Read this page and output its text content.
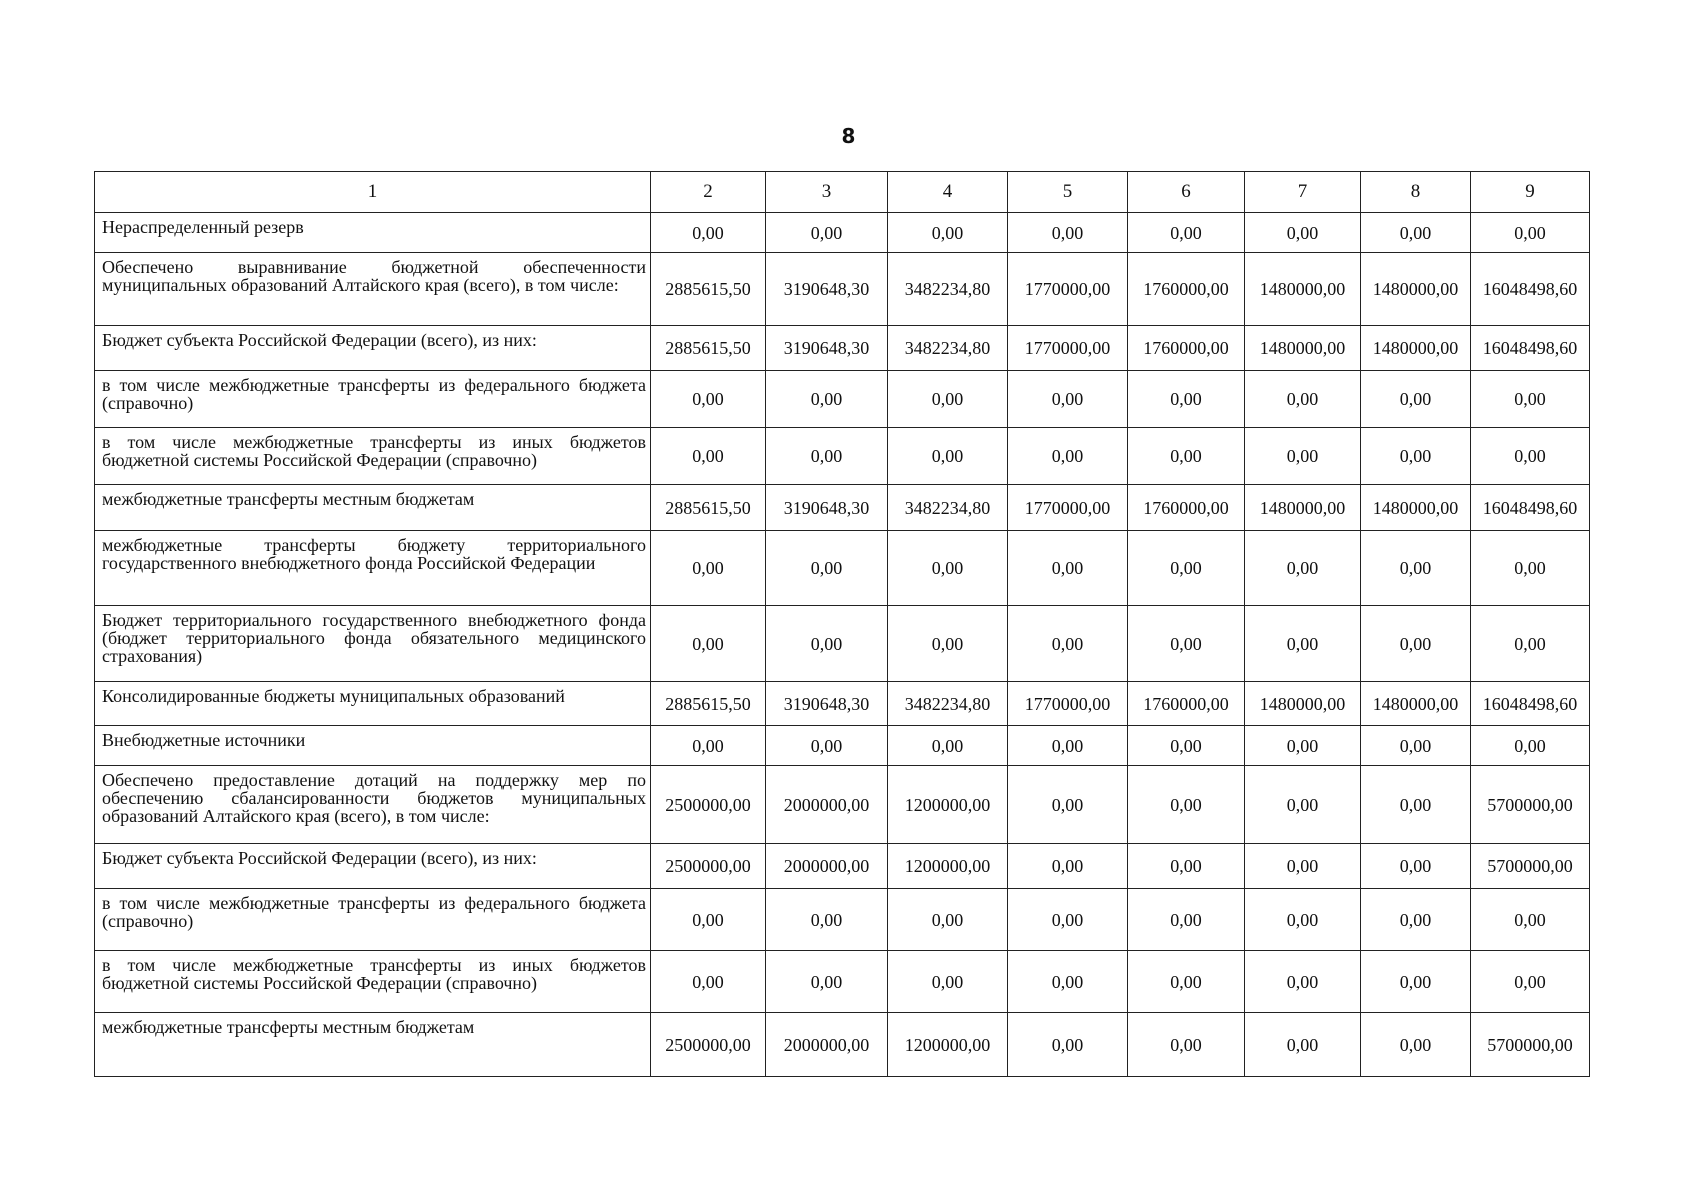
8
1	2	3	4	5	6	7	8	9
Нераспределенный резерв	0,00	0,00	0,00	0,00	0,00	0,00	0,00	0,00
Обеспечено выравнивание бюджетной обеспеченности муниципальных образований Алтайского края (всего), в том числе:	2885615,50	3190648,30	3482234,80	1770000,00	1760000,00	1480000,00	1480000,00	16048498,60
Бюджет субъекта Российской Федерации (всего), из них:	2885615,50	3190648,30	3482234,80	1770000,00	1760000,00	1480000,00	1480000,00	16048498,60
в том числе межбюджетные трансферты из федерального бюджета (справочно)	0,00	0,00	0,00	0,00	0,00	0,00	0,00	0,00
в том числе межбюджетные трансферты из иных бюджетов бюджетной системы Российской Федерации (справочно)	0,00	0,00	0,00	0,00	0,00	0,00	0,00	0,00
межбюджетные трансферты местным бюджетам	2885615,50	3190648,30	3482234,80	1770000,00	1760000,00	1480000,00	1480000,00	16048498,60
межбюджетные трансферты бюджету территориального государственного внебюджетного фонда Российской Федерации	0,00	0,00	0,00	0,00	0,00	0,00	0,00	0,00
Бюджет территориального государственного внебюджетного фонда (бюджет территориального фонда обязательного медицинского страхования)	0,00	0,00	0,00	0,00	0,00	0,00	0,00	0,00
Консолидированные бюджеты муниципальных образований	2885615,50	3190648,30	3482234,80	1770000,00	1760000,00	1480000,00	1480000,00	16048498,60
Внебюджетные источники	0,00	0,00	0,00	0,00	0,00	0,00	0,00	0,00
Обеспечено предоставление дотаций на поддержку мер по обеспечению сбалансированности бюджетов муниципальных образований Алтайского края (всего), в том числе:	2500000,00	2000000,00	1200000,00	0,00	0,00	0,00	0,00	5700000,00
Бюджет субъекта Российской Федерации (всего), из них:	2500000,00	2000000,00	1200000,00	0,00	0,00	0,00	0,00	5700000,00
в том числе межбюджетные трансферты из федерального бюджета (справочно)	0,00	0,00	0,00	0,00	0,00	0,00	0,00	0,00
в том числе межбюджетные трансферты из иных бюджетов бюджетной системы Российской Федерации (справочно)	0,00	0,00	0,00	0,00	0,00	0,00	0,00	0,00
межбюджетные трансферты местным бюджетам	2500000,00	2000000,00	1200000,00	0,00	0,00	0,00	0,00	5700000,00
